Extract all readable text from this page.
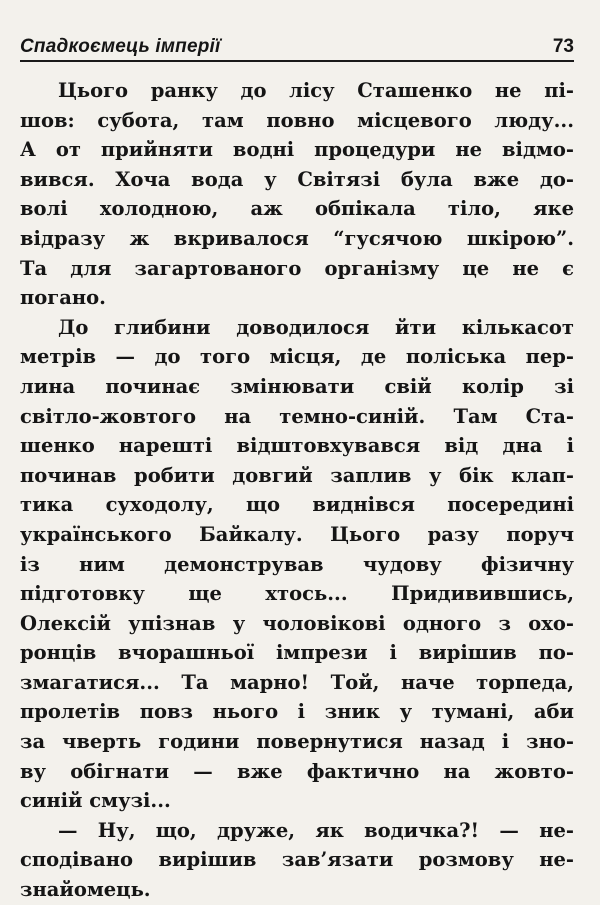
Спадкоємець імперії	73

Цього ранку до лісу Сташенко не пі-
шов: субота, там повно місцевого люду...
А от прийняти водні процедури не відмо-
вився. Хоча вода у Світязі була вже до-
волі холодною, аж обпікала тіло, яке
відразу ж вкривалося “гусячою шкірою”.
Та для загартованого організму це не є
погано.

До глибини доводилося йти кількасот
метрів — до того місця, де поліська пер-
лина починає змінювати свій колір зі
світло-жовтого на темно-синій. Там Ста-
шенко нарешті відштовхувався від дна і
починав робити довгий заплив у бік клап-
тика суходолу, що виднівся посередині
українського Байкалу. Цього разу поруч
із ним демонстрував чудову фізичну
підготовку ще хтось... Придивившись,
Олексій упізнав у чоловікові одного з охо-
ронців вчорашньої імпрези і вирішив по-
змагатися... Та марно! Той, наче торпеда,
пролетів повз нього і зник у тумані, аби
за чверть години повернутися назад і зно-
ву обігнати — вже фактично на жовто-
синій смузі...

— Ну, що, друже, як водичка?! — не-
сподівано вирішив зав’язати розмову не-
знайомець.
